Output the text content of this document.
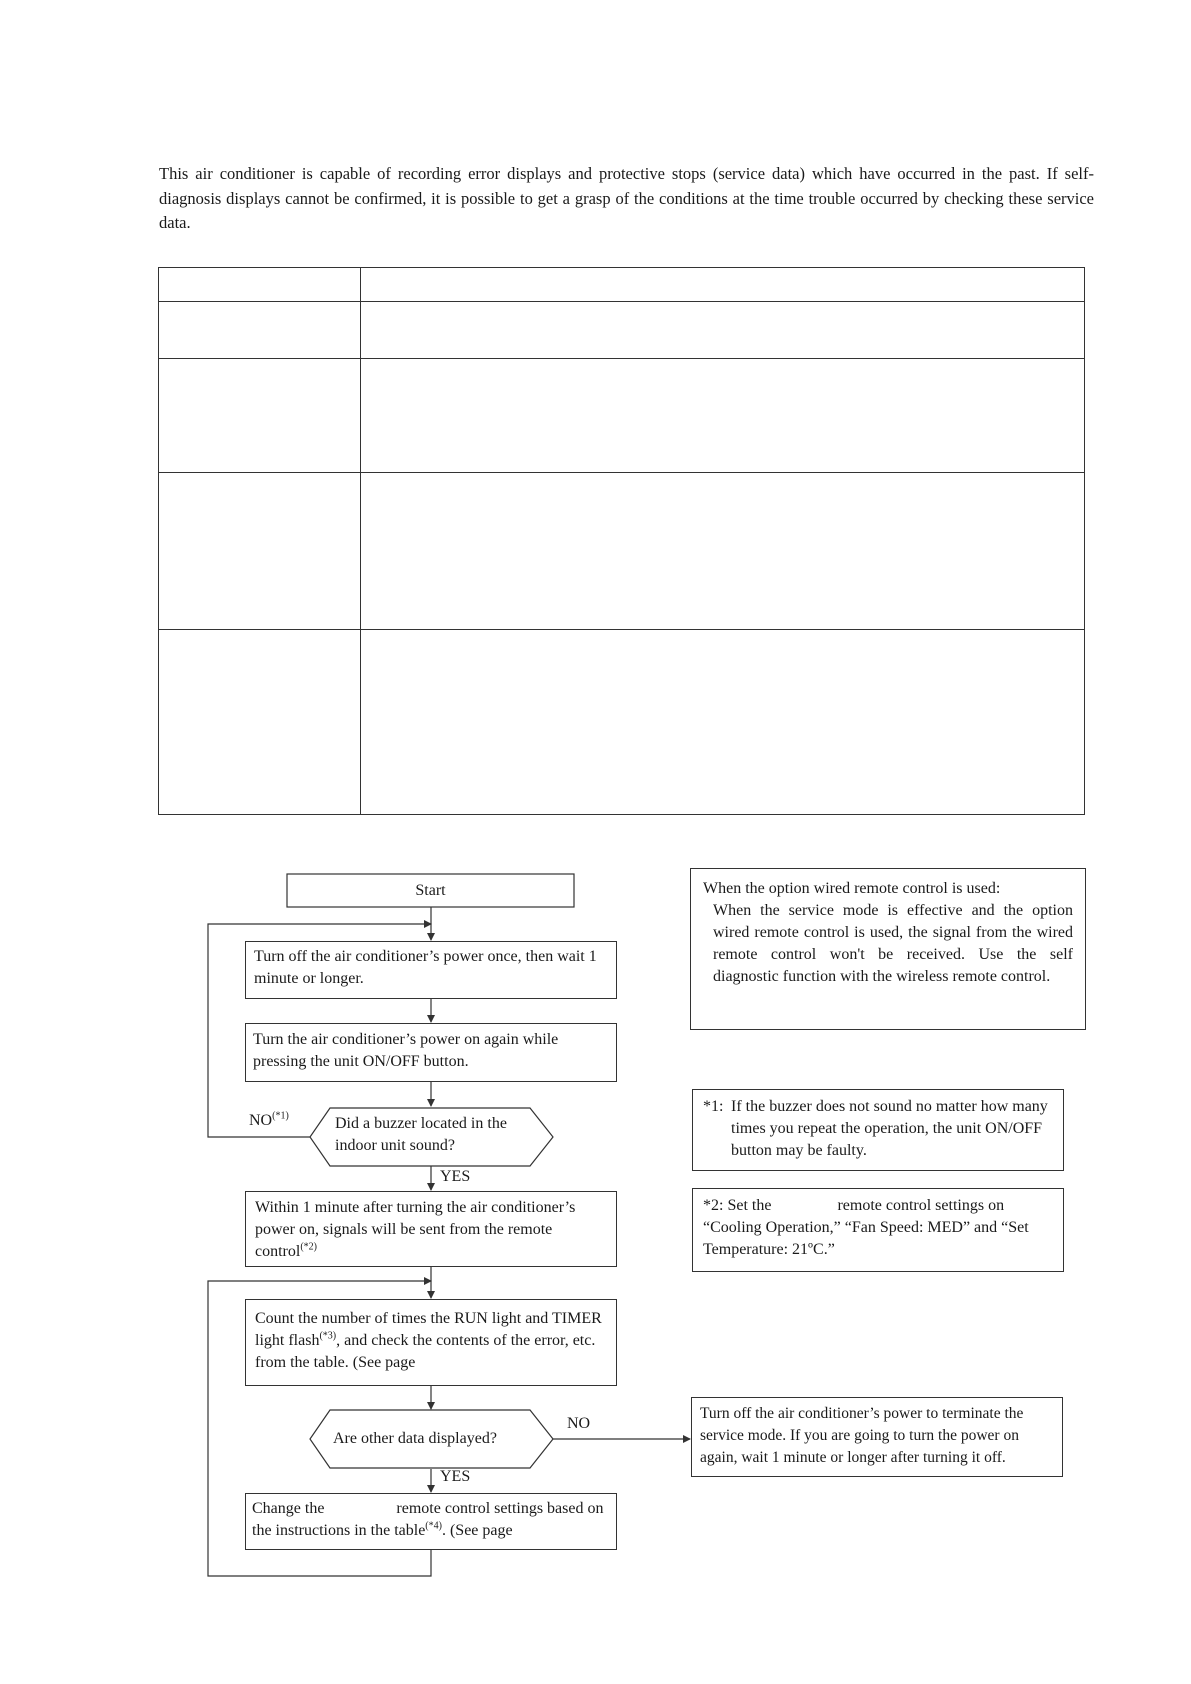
This air conditioner is capable of recording error displays and protective stops (service data) which have occurred in the past. If self-diagnosis displays cannot be confirmed, it is possible to get a grasp of the conditions at the time trouble occurred by checking these service data.
Start
Turn off the air conditioner’s power once, then wait 1 minute or longer.
Turn the air conditioner’s power on again while pressing the unit ON/OFF button.
Did a buzzer located in the indoor unit sound?
$NO^{(*1)}$
YES
Within 1 minute after turning the air conditioner’s power on, signals will be sent from the remote control$^{(*2)}$
Count the number of times the RUN light and TIMER light flash$^{(*3)}$, and check the contents of the error, etc. from the table. (See page
Are other data displayed?
NO
YES
Change the	remote control settings based on the instructions in the table$^{(*4)}$. (See page
Turn off the air conditioner’s power to terminate the service mode. If you are going to turn the power on again, wait 1 minute or longer after turning it off.
When the option wired remote control is used:
When the service mode is effective and the option wired remote control is used, the signal from the wired remote control won't be received. Use the self diagnostic function with the wireless remote control.
*1: If the buzzer does not sound no matter how many times you repeat the operation, the unit ON/OFF button may be faulty.
*2: Set the	remote control settings on “Cooling Operation,” “Fan Speed: MED” and “Set Temperature: 21ºC.”
